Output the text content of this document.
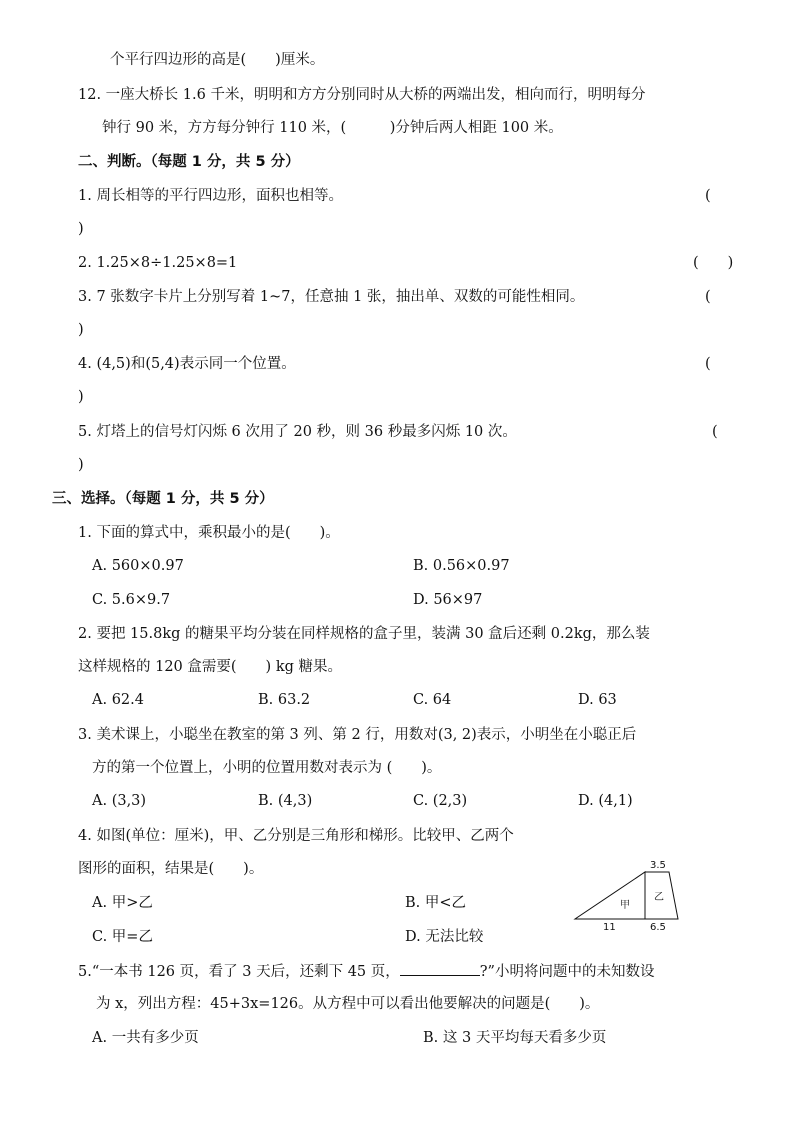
个平行四边形的高是(　　)厘米。
12. 一座大桥长 1.6 千米，明明和方方分别同时从大桥的两端出发，相向而行，明明每分
钟行 90 米，方方每分钟行 110 米，(　　　)分钟后两人相距 100 米。
二、判断。（每题 1 分，共 5 分）
1. 周长相等的平行四边形，面积也相等。	(
)
2. 1.25×8÷1.25×8=1	(　　)
3. 7 张数字卡片上分别写着 1~7，任意抽 1 张，抽出单、双数的可能性相同。	(
)
4. (4,5)和(5,4)表示同一个位置。	(
)
5. 灯塔上的信号灯闪烁 6 次用了 20 秒，则 36 秒最多闪烁 10 次。	(
)
三、选择。（每题 1 分，共 5 分）
1. 下面的算式中，乘积最小的是(　　)。
A. 560×0.97	B. 0.56×0.97
C. 5.6×9.7	D. 56×97
2. 要把 15.8kg 的糖果平均分装在同样规格的盒子里，装满 30 盒后还剩 0.2kg，那么装
这样规格的 120 盒需要(　　) kg 糖果。
A. 62.4	B. 63.2	C. 64	D. 63
3. 美术课上，小聪坐在教室的第 3 列、第 2 行，用数对(3, 2)表示，小明坐在小聪正后
方的第一个位置上，小明的位置用数对表示为 (　　)。
A. (3,3)	B. (4,3)	C. (2,3)	D. (4,1)
4. 如图(单位：厘米)，甲、乙分别是三角形和梯形。比较甲、乙两个
图形的面积，结果是(　　)。
A. 甲>乙	B. 甲<乙
C. 甲=乙	D. 无法比较
3.5
甲
乙
11	6.5
5.“一本书 126 页，看了 3 天后，还剩下 45 页，	?”小明将问题中的未知数设
为 x，列出方程：45+3x=126。从方程中可以看出他要解决的问题是(　　)。
A. 一共有多少页	B. 这 3 天平均每天看多少页
